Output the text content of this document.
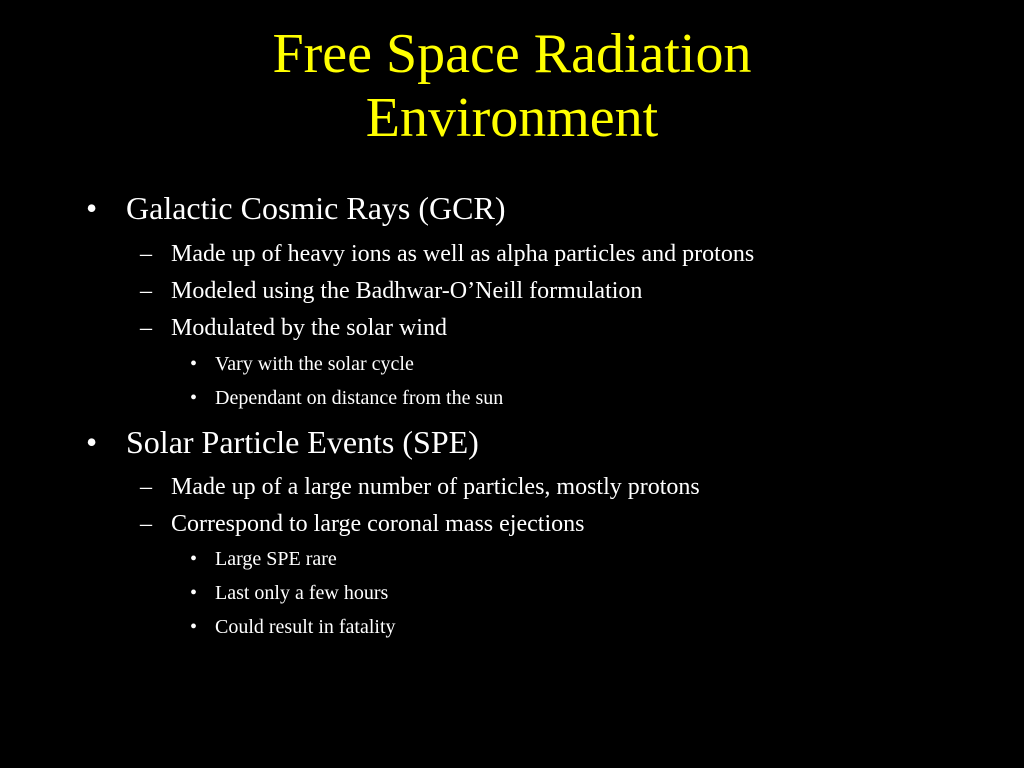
Free Space Radiation
Environment
• Galactic Cosmic Rays (GCR)
– Made up of heavy ions as well as alpha particles and protons
– Modeled using the Badhwar-O’Neill formulation
– Modulated by the solar wind
• Vary with the solar cycle
• Dependant on distance from the sun
• Solar Particle Events (SPE)
– Made up of a large number of particles, mostly protons
– Correspond to large coronal mass ejections
• Large SPE rare
• Last only a few hours
• Could result in fatality
